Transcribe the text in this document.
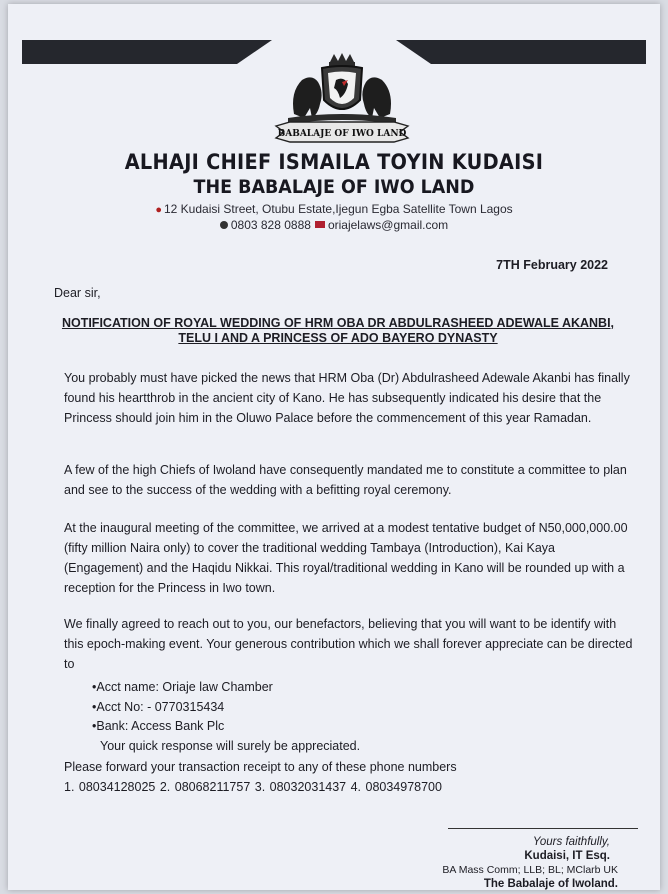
BABALAJE OF IWO LAND
ALHAJI CHIEF ISMAILA TOYIN KUDAISI
THE BABALAJE OF IWO LAND
● 12 Kudaisi Street, Otubu Estate,Ijegun Egba Satellite Town Lagos
0803 828 0888 oriajelaws@gmail.com
7TH February 2022
Dear sir,
NOTIFICATION OF ROYAL WEDDING OF HRM OBA DR ABDULRASHEED ADEWALE AKANBI, TELU I AND A PRINCESS OF ADO BAYERO DYNASTY
You probably must have picked the news that HRM Oba (Dr) Abdulrasheed Adewale Akanbi has finally found his heartthrob in the ancient city of Kano. He has subsequently indicated his desire that the Princess should join him in the Oluwo Palace before the commencement of this year Ramadan.
A few of the high Chiefs of Iwoland have consequently mandated me to constitute a committee to plan and see to the success of the wedding with a befitting royal ceremony.
At the inaugural meeting of the committee, we arrived at a modest tentative budget of N50,000,000.00 (fifty million Naira only) to cover the traditional wedding Tambaya (Introduction), Kai Kaya (Engagement) and the Haqidu Nikkai. This royal/traditional wedding in Kano will be rounded up with a reception for the Princess in Iwo town.
We finally agreed to reach out to you, our benefactors, believing that you will want to be identify with this epoch-making event. Your generous contribution which we shall forever appreciate can be directed to
•Acct name: Oriaje law Chamber
•Acct No: - 0770315434
•Bank: Access Bank Plc
Your quick response will surely be appreciated.
Please forward your transaction receipt to any of these phone numbers
1. 08034128025 2. 08068211757 3. 08032031437 4. 08034978700
Yours faithfully,
Kudaisi, IT Esq.
BA Mass Comm; LLB; BL; MClarb UK
The Babalaje of Iwoland.
